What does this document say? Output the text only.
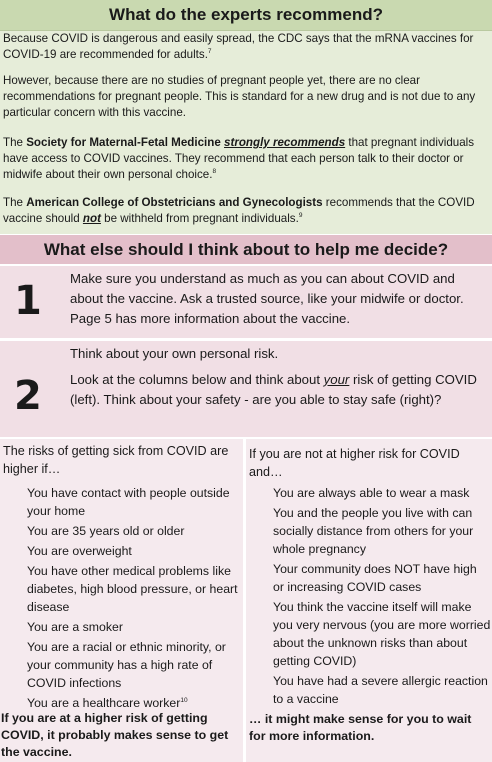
What do the experts recommend?

Because COVID is dangerous and easily spread, the CDC says that the mRNA vaccines for COVID-19 are recommended for adults.$^7$

However, because there are no studies of pregnant people yet, there are no clear recommendations for pregnant people. This is standard for a new drug and is not due to any particular concern with this vaccine.

The Society for Maternal-Fetal Medicine strongly recommends that pregnant individuals have access to COVID vaccines. They recommend that each person talk to their doctor or midwife about their own personal choice.$^8$

The American College of Obstetricians and Gynecologists recommends that the COVID vaccine should not be withheld from pregnant individuals.$^9$

What else should I think about to help me decide?
1 Make sure you understand as much as you can about COVID and about the vaccine. Ask a trusted source, like your midwife or doctor. Page 5 has more information about the vaccine.
2

Think about your own personal risk.

Look at the columns below and think about your risk of getting COVID (left). Think about your safety - are you able to stay safe (right)?

The risks of getting sick from COVID are higher if…
You have contact with people outside your home
You are 35 years old or older
You are overweight
You have other medical problems like diabetes, high blood pressure, or heart disease
You are a smoker
You are a racial or ethnic minority, or your community has a high rate of COVID infections
You are a healthcare worker$^{10}$
If you are at a higher risk of getting COVID, it probably makes sense to get the vaccine.
If you are not at higher risk for COVID and…
You are always able to wear a mask
You and the people you live with can socially distance from others for your whole pregnancy
Your community does NOT have high or increasing COVID cases
You think the vaccine itself will make you very nervous (you are more worried about the unknown risks than about getting COVID)
You have had a severe allergic reaction to a vaccine
… it might make sense for you to wait for more information.
